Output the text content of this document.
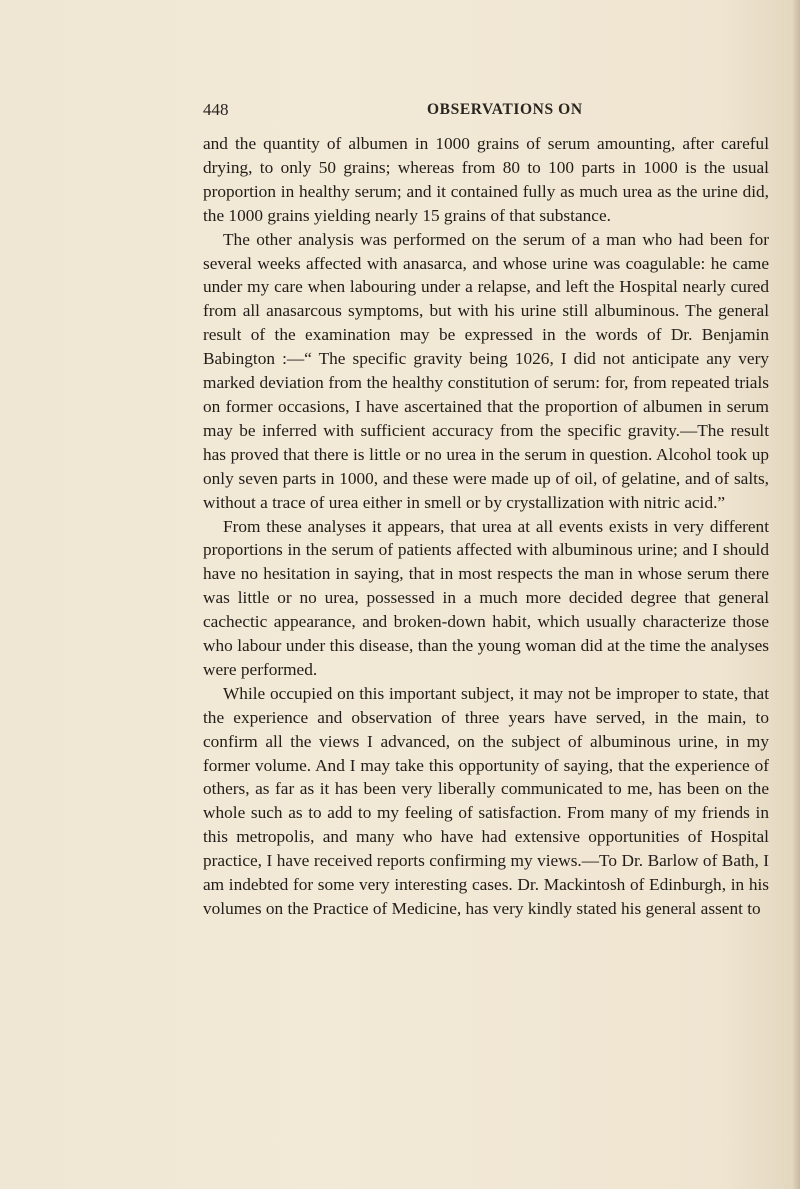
448	OBSERVATIONS ON

and the quantity of albumen in 1000 grains of serum amounting, after careful drying, to only 50 grains; whereas from 80 to 100 parts in 1000 is the usual proportion in healthy serum; and it contained fully as much urea as the urine did, the 1000 grains yielding nearly 15 grains of that substance.

The other analysis was performed on the serum of a man who had been for several weeks affected with anasarca, and whose urine was coagulable: he came under my care when labouring under a relapse, and left the Hospital nearly cured from all anasarcous symptoms, but with his urine still albuminous. The general result of the examination may be expressed in the words of Dr. Benjamin Babington :—“ The specific gravity being 1026, I did not anticipate any very marked deviation from the healthy constitution of serum: for, from repeated trials on former occasions, I have ascertained that the proportion of albumen in serum may be inferred with sufficient accuracy from the specific gravity.—The result has proved that there is little or no urea in the serum in question. Alcohol took up only seven parts in 1000, and these were made up of oil, of gelatine, and of salts, without a trace of urea either in smell or by crystallization with nitric acid.”

From these analyses it appears, that urea at all events exists in very different proportions in the serum of patients affected with albuminous urine; and I should have no hesitation in saying, that in most respects the man in whose serum there was little or no urea, possessed in a much more decided degree that general cachectic appearance, and broken-down habit, which usually characterize those who labour under this disease, than the young woman did at the time the analyses were performed.

While occupied on this important subject, it may not be improper to state, that the experience and observation of three years have served, in the main, to confirm all the views I advanced, on the subject of albuminous urine, in my former volume. And I may take this opportunity of saying, that the experience of others, as far as it has been very liberally communicated to me, has been on the whole such as to add to my feeling of satisfaction. From many of my friends in this metropolis, and many who have had extensive opportunities of Hospital practice, I have received reports confirming my views.—To Dr. Barlow of Bath, I am indebted for some very interesting cases. Dr. Mackintosh of Edinburgh, in his volumes on the Practice of Medicine, has very kindly stated his general assent to
